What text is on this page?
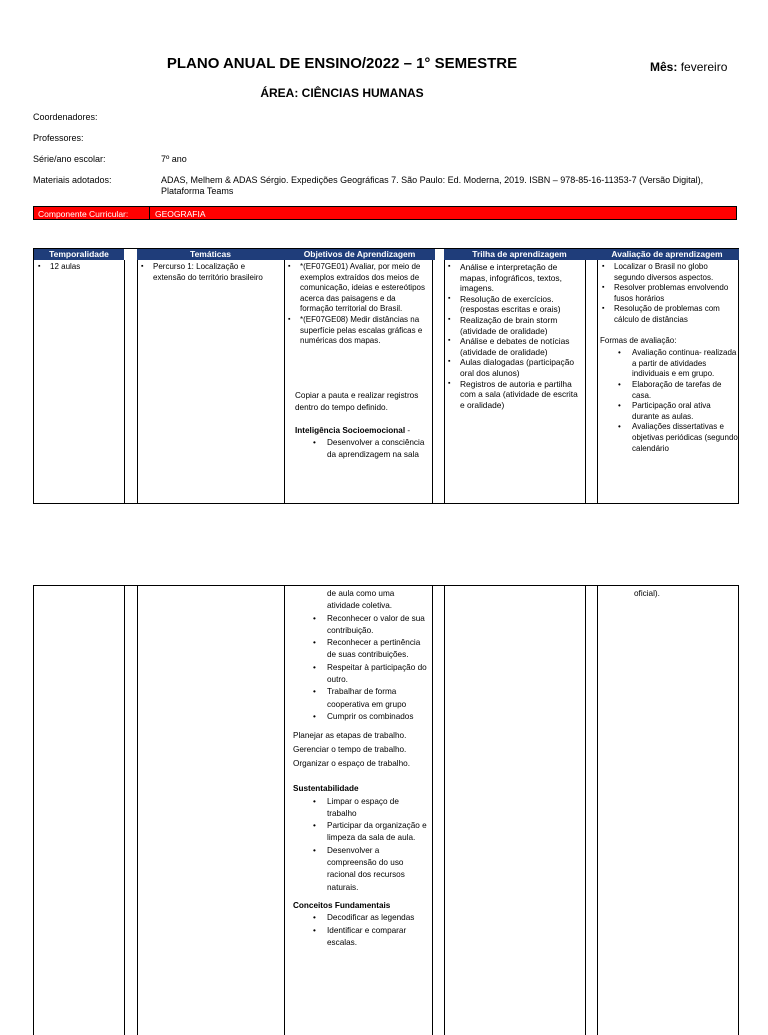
PLANO ANUAL DE ENSINO/2022 – 1° SEMESTRE	Mês: fevereiro
ÁREA: CIÊNCIAS HUMANAS
Coordenadores:
Professores:
Série/ano escolar:	7º ano
Materiais adotados:	ADAS, Melhem & ADAS Sérgio. Expedições Geográficas 7. São Paulo: Ed. Moderna, 2019. ISBN – 978-85-16-11353-7 (Versão Digital), Plataforma Teams
Componente Curricular:	GEOGRAFIA
Temporalidade	Temáticas	Objetivos de Aprendizagem	Trilha de aprendizagem	Avaliação de aprendizagem
▪ 12 aulas
▪	Percurso 1: Localização e extensão do território brasileiro
▪ *(EF07GE01) Avaliar, por meio de exemplos extraídos dos meios de comunicação, ideias e estereótipos acerca das paisagens e da formação territorial do Brasil.
▪ *(EF07GE08) Medir distâncias na superfície pelas escalas gráficas e numéricas dos mapas.

Copiar a pauta e realizar registros dentro do tempo definido.

Inteligência Socioemocional -

• Desenvolver a consciência da aprendizagem na sala
▪ Análise e interpretação de mapas, infográficos, textos, imagens.
▪ Resolução de exercícios. (respostas escritas e orais)
▪ Realização de brain storm (atividade de oralidade)
▪ Análise e debates de notícias (atividade de oralidade)
▪ Aulas dialogadas (participação oral dos alunos)
▪ Registros de autoria e partilha com a sala (atividade de escrita e oralidade)
▪ Localizar o Brasil no globo segundo diversos aspectos.
▪ Resolver problemas envolvendo fusos horários
▪ Resolução de problemas com cálculo de distâncias

Formas de avaliação:

• Avaliação continua- realizada a partir de atividades individuais e em grupo.
• Elaboração de tarefas de casa.
• Participação oral ativa durante as aulas.
• Avaliações dissertativas e objetivas periódicas (segundo calendário

de aula como uma atividade coletiva.

• Reconhecer o valor de sua contribuição.
• Reconhecer a pertinência de suas contribuições.
• Respeitar à participação do outro.
• Trabalhar de forma cooperativa em grupo
• Cumprir os combinados

Planejar as etapas de trabalho.

Gerenciar o tempo de trabalho.

Organizar o espaço de trabalho.

Sustentabilidade

• Limpar o espaço de trabalho
• Participar da organização e limpeza da sala de aula.
• Desenvolver a compreensão do uso racional dos recursos naturais.

Conceitos Fundamentais

• Decodificar as legendas
• Identificar e comparar escalas.

oficial).
